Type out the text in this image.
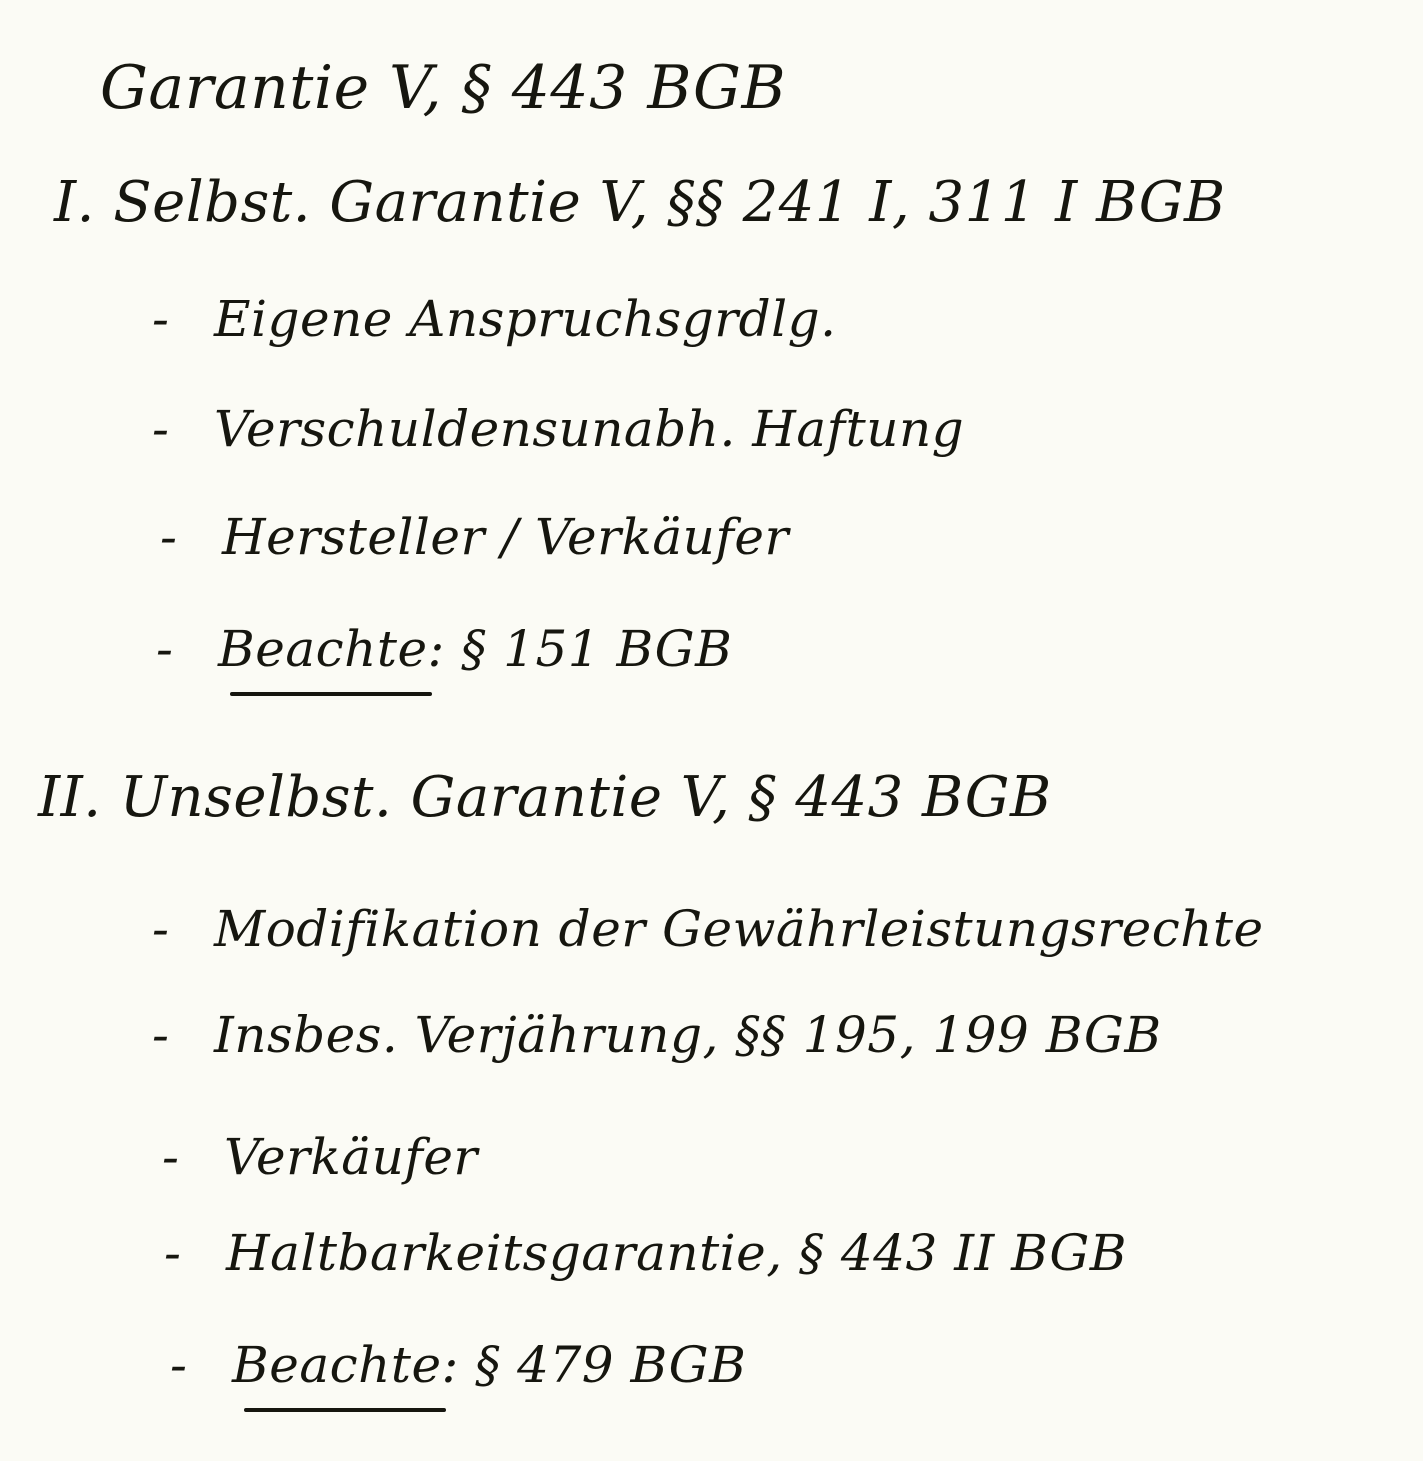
Garantie V, § 443 BGB
I. Selbst. Garantie V, §§ 241 I, 311 I BGB
- Eigene Anspruchsgrdlg.
- Verschuldensunabh. Haftung
- Hersteller / Verkäufer
- Beachte
: § 151 BGB
II. Unselbst. Garantie V, § 443 BGB
- Modifikation der Gewährleistungsrechte
- Insbes. Verjährung, §§ 195, 199 BGB
- Verkäufer
- Haltbarkeitsgarantie, § 443 II BGB
- Beachte
: § 479 BGB
